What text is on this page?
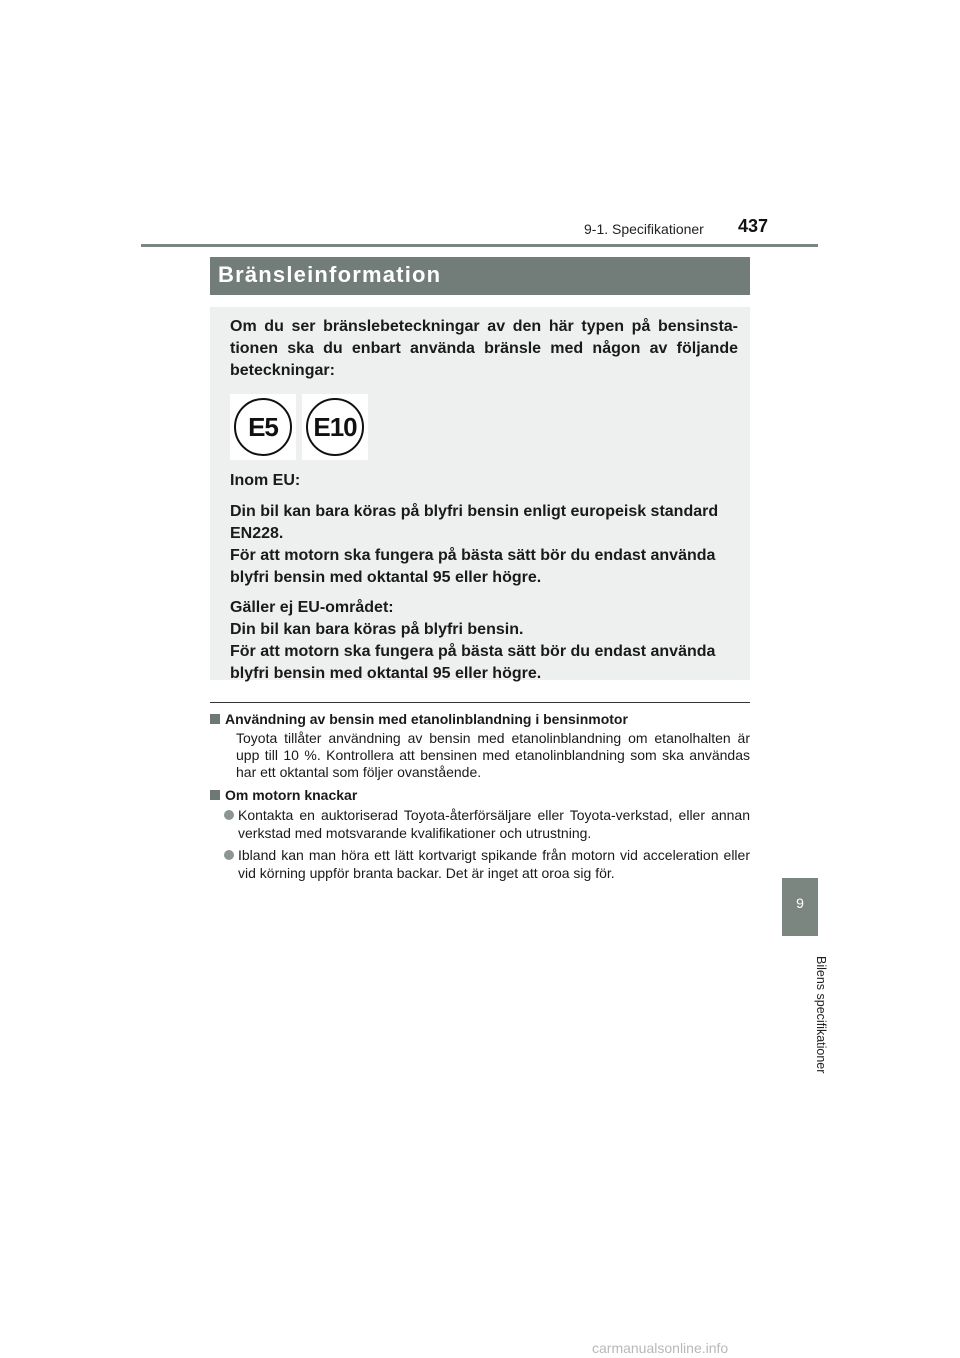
9-1. Specifikationer 437
9
Bilens specifikationer
Bränsleinformation

Om du ser bränslebeteckningar av den här typen på bensinsta-tionen ska du enbart använda bränsle med någon av följande beteckningar:

E5 E10

Inom EU:

Din bil kan bara köras på blyfri bensin enligt europeisk standard EN228.

För att motorn ska fungera på bästa sätt bör du endast använda blyfri bensin med oktantal 95 eller högre.

Gäller ej EU-området:

Din bil kan bara köras på blyfri bensin.

För att motorn ska fungera på bästa sätt bör du endast använda blyfri bensin med oktantal 95 eller högre.

Användning av bensin med etanolinblandning i bensinmotor

Toyota tillåter användning av bensin med etanolinblandning om etanolhalten är upp till 10 %. Kontrollera att bensinen med etanolinblandning som ska användas har ett oktantal som följer ovanstående.

Om motorn knackar
Kontakta en auktoriserad Toyota-återförsäljare eller Toyota-verkstad, eller annan verkstad med motsvarande kvalifikationer och utrustning.
Ibland kan man höra ett lätt kortvarigt spikande från motorn vid acceleration eller vid körning uppför branta backar. Det är inget att oroa sig för.
carmanualsonline.info
